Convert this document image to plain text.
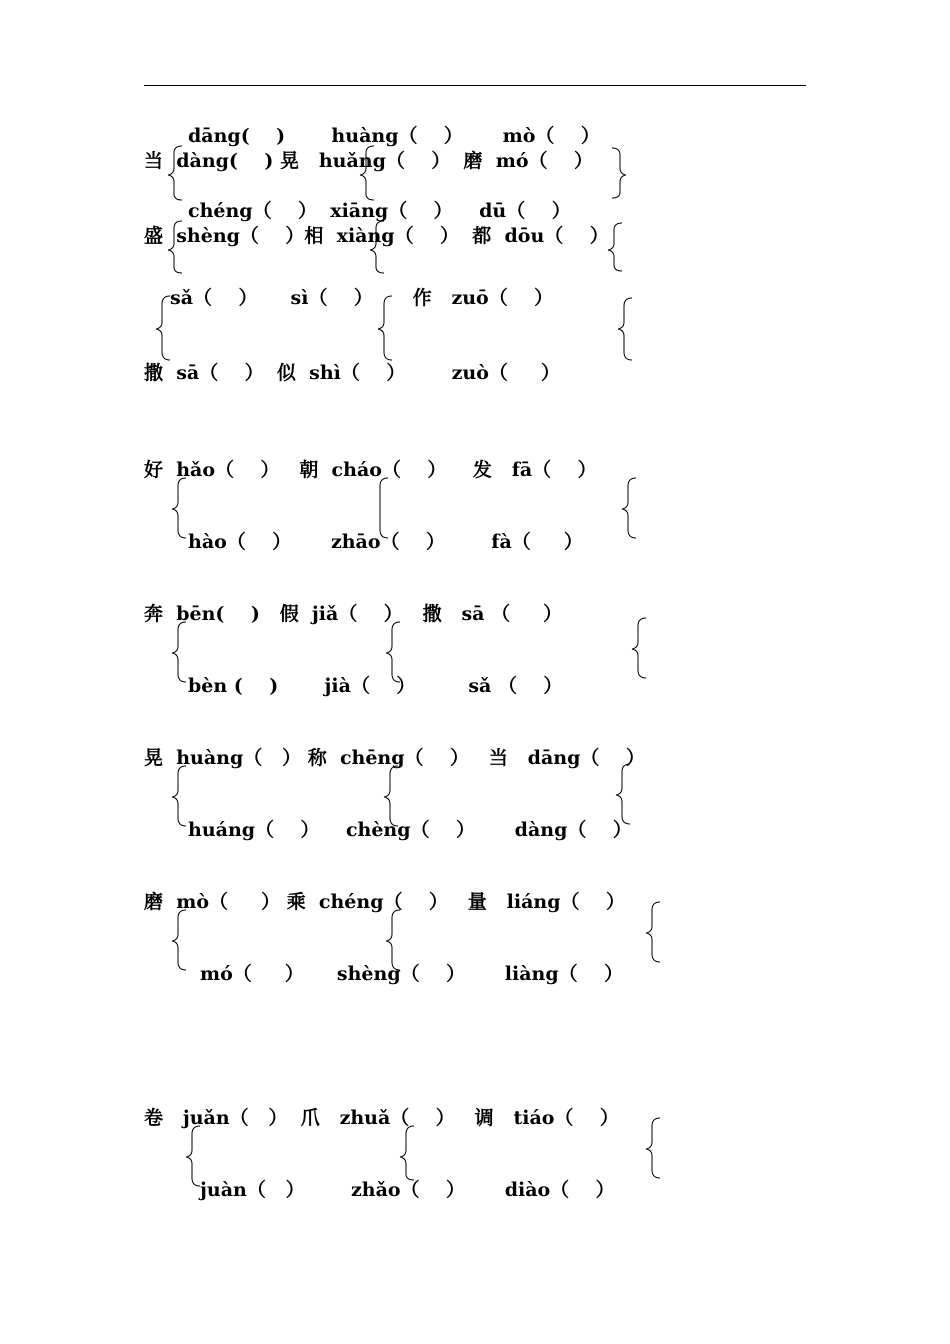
dāng(    )       huàng（    ）      mò（    ）
当  dàng(    ) 晃   huǎng（    ）  磨  mó（    ）
chéng（    ）  xiāng（    ）    dū（    ）
盛  shèng（    ）相  xiàng（    ）  都  dōu（    ）
sǎ（    ）     sì（    ）      作   zuō（    ）
撒  sā（    ）  似  shì（    ）       zuò（     ）
好  hǎo（    ）   朝  cháo（    ）    发   fā（    ）
hào（    ）      zhāo（    ）       fà（     ）
奔  bēn(    )   假  jiǎ（    ）   撒   sā （     ）
bèn (    )       jià（    ）        sǎ （    ）
晃  huàng（   ） 称  chēng（    ）   当   dāng（    ）
huáng（    ）    chèng（    ）      dàng（    ）
磨  mò（     ） 乘  chéng（    ）   量   liáng（    ）
mó（     ）     shèng（    ）      liàng（    ）
卷   juǎn（   ）  爪   zhuǎ（    ）   调   tiáo（    ）
juàn（   ）       zhǎo（    ）      diào（    ）
